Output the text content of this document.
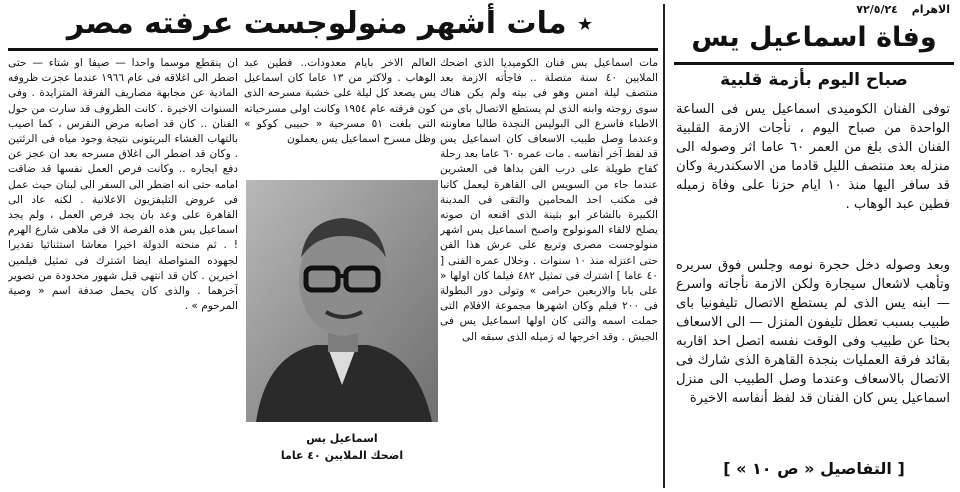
الاهرام ٧٢/٥/٢٤
وفاة اسماعيل يس
صباح اليوم بأزمة قلبية

توفى الفنان الكوميدى اسماعيل يس فى الساعة الواحدة من صباح اليوم ، نأجات الازمة القلبية الفنان الذى بلغ من العمر ٦٠ عاما اثر وصوله الى منزله بعد منتصف الليل قادما من الاسكندرية وكان قد سافر اليها منذ ١٠ ايام حزنا على وفاة زميله فطين عبد الوهاب .

وبعد وصوله دخل حجرة نومه وجلس فوق سريره وتأهب لاشعال سيجارة ولكن الازمة نأجاته واسرع — ابنه يس الذى لم يستطع الاتصال تليفونيا باى طبيب بسبب تعطل تليفون المنزل — الى الاسعاف بحثا عن طبيب وفى الوقت نفسه اتصل احد اقاربه بقائد فرقة العمليات بنجدة القاهرة الذى شارك فى الاتصال بالاسعاف وعندما وصل الطبيب الى منزل اسماعيل يس كان الفنان قد لفظ أنفاسه الاخيرة

[ التفاصيل « ص ١٠ » ]
★ مات أشهر منولوجست عرفته مصر

مات اسماعيل يس فنان الكوميديا الذى اضحك الملايين ٤٠ سنة متصلة .. فاجأته الازمة بعد منتصف ليلة امس وهو فى بيته ولم يكن هناك سوى زوجته وابنه الذى لم يستطع الاتصال باى من الاطباء فاسرع الى البوليس النجدة طالبا معاونته وعندما وصل طبيب الاسعاف كان اسماعيل يس قد لفظ آخر أنفاسه . مات عمره ٦٠ عاما بعد رحلة كفاح طويلة على درب الفن بداها فى العشرين عندما جاء من السويس الى القاهرة ليعمل كاتبا فى مكتب احد المحامين والتقى فى المدينة الكبيرة بالشاعر ابو بثينة الذى اقنعه ان صوته يصلح لالقاء المونولوج واصبح اسماعيل يس اشهر منولوجست مصرى وتربع على عرش هذا الفن حتى اعتزله منذ ١٠ سنوات . وخلال عمره الفنى [ ٤٠ عاما ] اشترك فى تمثيل ٤٨٢ فيلما كان اولها « على بابا والاربعين حرامى » وتولى دور البطولة فى ٢٠٠ فيلم وكان اشهرها مجموعة الافلام التى حملت اسمه والتى كان اولها اسماعيل يس فى الجيش . وقد اخرجها له زميله الذى سبقه الى

العالم الاخر بايام معدودات.. فطين عبد الوهاب . ولاكثر من ١٣ عاما كان اسماعيل يس يصعد كل ليلة على خشبة مسرحه الذى كون فرقته عام ١٩٥٤ وكانت اولى مسرحياته التى بلغت ٥١ مسرحية « حبيبى كوكو » وظل مسرح اسماعيل يس يعملون

ان ينقطع موسما واحدا — صيفا او شتاء — حتى اضطر الى اغلاقه فى عام ١٩٦٦ عندما عجزت ظروفه المادية عن مجابهة مصاريف الفرقة المتزايدة . وفى السنوات الاخيرة . كانت الظروف قد سارت من حول الفنان .. كان قد اصابه مرض النقرس ، كما اصيب بالتهاب الغشاء البريتونى نتيجة وجود مياه فى الرئتين . وكان قد اضطر الى اغلاق مسرحه بعد ان عجز عن دفع ايجاره .. وكانت فرص العمل نفسها قد ضاقت امامه حتى انه اضطر الى السفر الى لبنان حيث عمل فى عروض التليفزيون الاعلانية . لكنه عاد الى القاهرة على وعد بان يجد فرص العمل ، ولم يجد اسماعيل يس هذه الفرصة الا فى ملاهى شارع الهرم ! . ثم منحته الدولة اخيرا معاشا استثنائيا تقديرا لجهوده المتواصلة ايضا اشترك فى تمثيل فيلمين اخيرين . كان قد انتهى قبل شهور محدودة من تصوير آخرهما . والذى كان يحمل صدفة اسم « وصية المرحوم » .

اسماعيل يس
اضحك الملايين ٤٠ عاما
